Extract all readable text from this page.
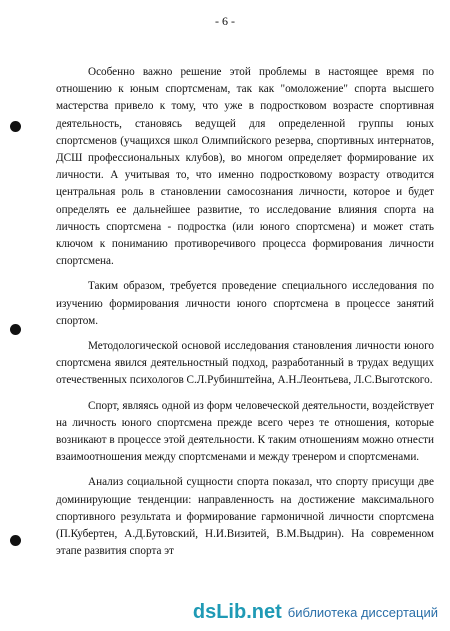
- 6 -

Особенно важно решение этой проблемы в настоящее время по отношению к юным спортсменам, так как "омоложение" спорта высшего мастерства привело к тому, что уже в подростковом возрасте спортивная деятельность, становясь ведущей для определенной группы юных спортсменов (учащихся школ Олимпийского резерва, спортивных интернатов, ДСШ профессиональных клубов), во многом определяет формирование их личности. А учитывая то, что именно подростковому возрасту отводится центральная роль в становлении самосознания личности, которое и будет определять ее дальнейшее развитие, то исследование влияния спорта на личность спортсмена - подростка (или юного спортсмена) и может стать ключом к пониманию противоречивого процесса формирования личности спортсмена.

Таким образом, требуется проведение специального исследования по изучению формирования личности юного спортсмена в процессе занятий спортом.

Методологической основой исследования становления личности юного спортсмена явился деятельностный подход, разработанный в трудах ведущих отечественных психологов С.Л.Рубинштейна, А.Н.Леонтьева, Л.С.Выготского.

Спорт, являясь одной из форм человеческой деятельности, воздействует на личность юного спортсмена прежде всего через те отношения, которые возникают в процессе этой деятельности. К таким отношениям можно отнести взаимоотношения между спортсменами и между тренером и спортсменами.

Анализ социальной сущности спорта показал, что спорту присущи две доминирующие тенденции: направленность на достижение максимального спортивного результата и формирование гармоничной личности спортсмена (П.Кубертен, А.Д.Бутовский, Н.И.Визитей, В.М.Выдрин). На современном этапе развития спорта эт

dsLib.net библиотека диссертаций
